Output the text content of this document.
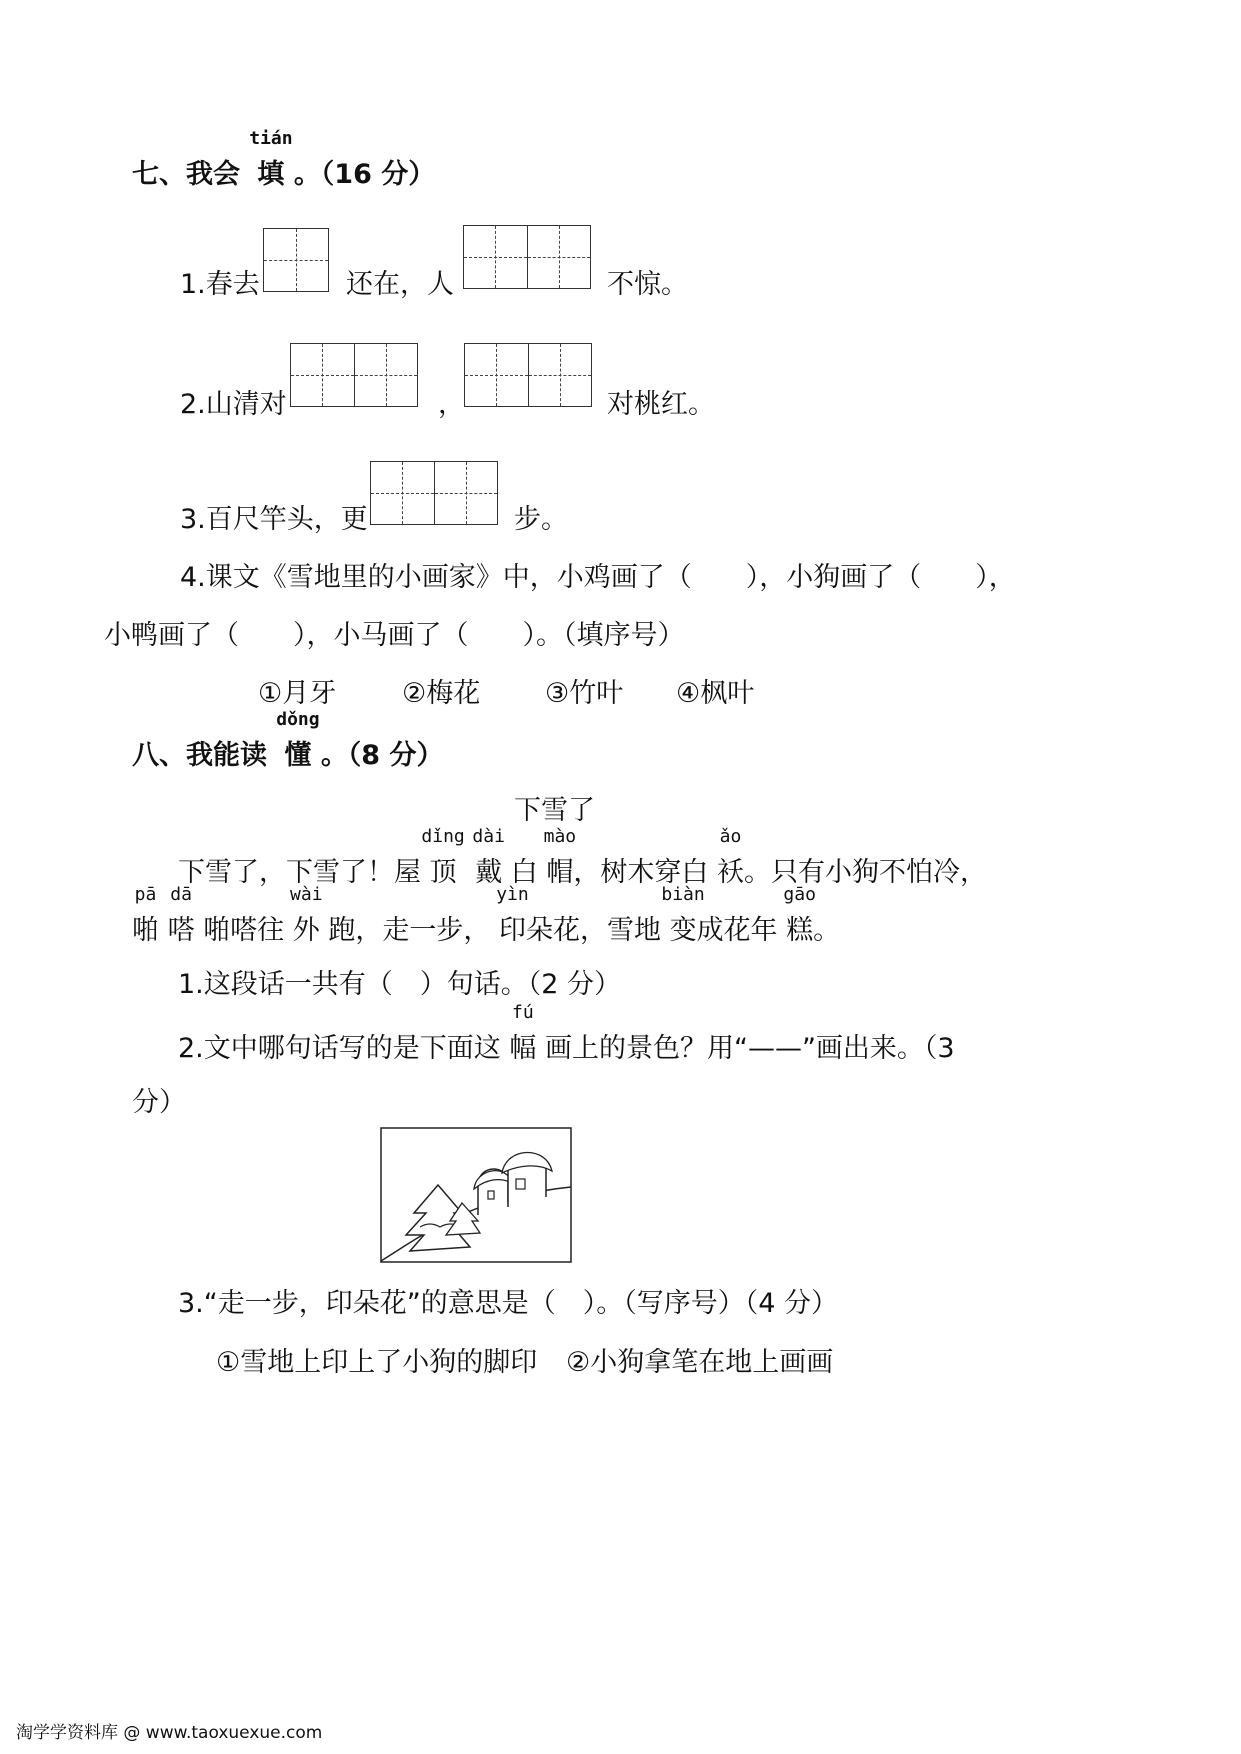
七、我会
tián
填 。（16 分）
1.春去	还在，人	不惊。
2.山清对	，	对桃红。
3.百尺竿头，更	步。
4.课文《雪地里的小画家》中，小鸡画了（　　），小狗画了（　　），
小鸭画了（　　），小马画了（　　）。（填序号）
①月牙 ②梅花 ③竹叶 ④枫叶
八、我能读
dǒng
懂 。（8 分）
下雪了
下雪了，下雪了！屋
dǐng
顶
dài
戴 白
mào
帽，树木穿白
ǎo
袄。只有小狗不怕冷，
pā
啪
dā
嗒 啪嗒往
wài
外 跑，走一步，
yìn
印朵花，雪地
biàn
变成花年
gāo
糕。
1.这段话一共有（　）句话。（2 分）
2.文中哪句话写的是下面这
fú
幅 画上的景色？用“——”画出来。（3
分）
3.“走一步，印朵花”的意思是（　）。（写序号）（4 分）
①雪地上印上了小狗的脚印 ②小狗拿笔在地上画画
淘学学资料库 @ www.taoxuexue.com
